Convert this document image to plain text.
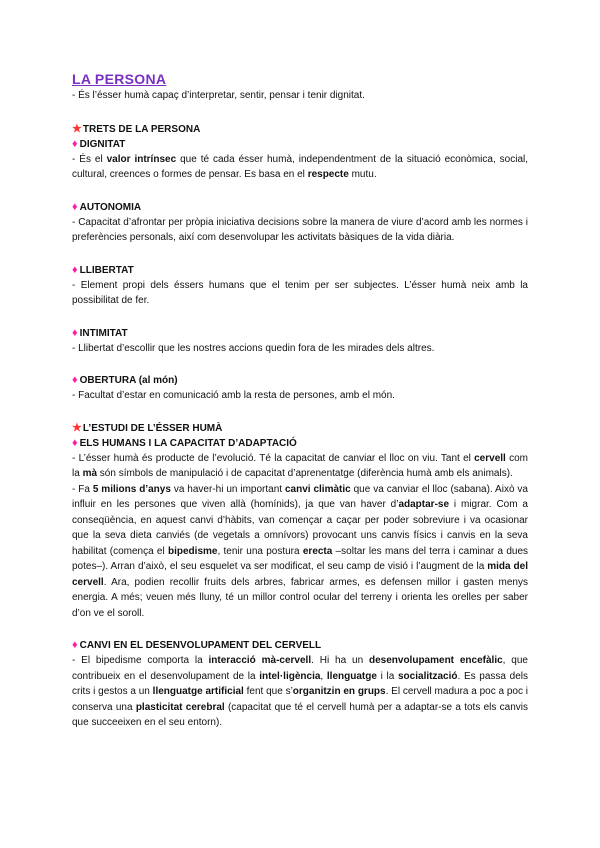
LA PERSONA

- És l’ésser humà capaç d’interpretar, sentir, pensar i tenir dignitat.

★TRETS DE LA PERSONA
♦ DIGNITAT

- És el valor intrínsec que té cada ésser humà, independentment de la situació econòmica, social, cultural, creences o formes de pensar. Es basa en el respecte mutu.

♦ AUTONOMIA

- Capacitat d’afrontar per pròpia iniciativa decisions sobre la manera de viure d’acord amb les normes i preferències personals, així com desenvolupar les activitats bàsiques de la vida diària.

♦ LLIBERTAT

- Element propi dels éssers humans que el tenim per ser subjectes. L’ésser humà neix amb la possibilitat de fer.

♦ INTIMITAT

- Llibertat d’escollir que les nostres accions quedin fora de les mirades dels altres.

♦ OBERTURA (al món)

- Facultat d’estar en comunicació amb la resta de persones, amb el món.

★L’ESTUDI DE L’ÉSSER HUMÀ
♦ ELS HUMANS I LA CAPACITAT D’ADAPTACIÓ

- L’ésser humà és producte de l’evolució. Té la capacitat de canviar el lloc on viu. Tant el cervell com la mà són símbols de manipulació i de capacitat d’aprenentatge (diferència humà amb els animals).

- Fa 5 milions d’anys va haver-hi un important canvi climàtic que va canviar el lloc (sabana). Això va influir en les persones que viven allà (homínids), ja que van haver d’adaptar-se i migrar. Com a conseqüència, en aquest canvi d’hàbits, van començar a caçar per poder sobreviure i va ocasionar que la seva dieta canviés (de vegetals a omnívors) provocant uns canvis físics i canvis en la seva habilitat (comença el bipedisme, tenir una postura erecta –soltar les mans del terra i caminar a dues potes–). Arran d’això, el seu esquelet va ser modificat, el seu camp de visió i l’augment de la mida del cervell. Ara, podien recollir fruits dels arbres, fabricar armes, es defensen millor i gasten menys energia. A més; veuen més lluny, té un millor control ocular del terreny i orienta les orelles per saber d’on ve el soroll.

♦ CANVI EN EL DESENVOLUPAMENT DEL CERVELL

- El bipedisme comporta la interacció mà-cervell. Hi ha un desenvolupament encefàlic, que contribueix en el desenvolupament de la intel·ligència, llenguatge i la socialització. Es passa dels crits i gestos a un llenguatge artificial fent que s’organitzin en grups. El cervell madura a poc a poc i conserva una plasticitat cerebral (capacitat que té el cervell humà per a adaptar-se a tots els canvis que succeeixen en el seu entorn).
